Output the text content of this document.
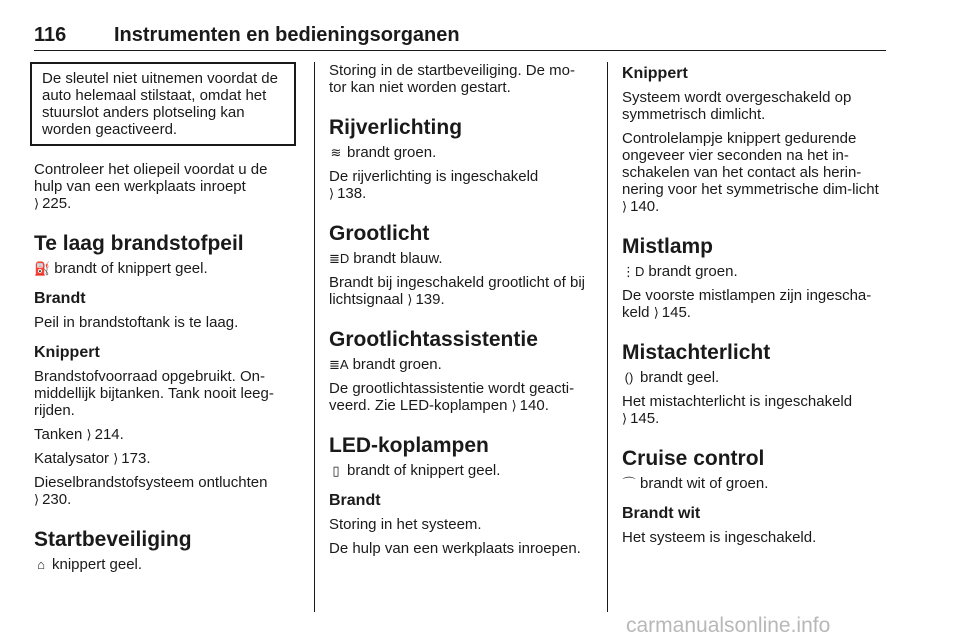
116 Instrumenten en bedieningsorganen

De sleutel niet uitnemen voordat de auto helemaal stilstaat, omdat het stuurslot anders plotseling kan worden geactiveerd.

Controleer het oliepeil voordat u de hulp van een werkplaats inroept
⟩ 225.

Te laag brandstofpeil

⛽ brandt of knippert geel.

Brandt

Peil in brandstoftank is te laag.

Knippert

Brandstofvoorraad opgebruikt. On-middellijk bijtanken. Tank nooit leeg-rijden.

Tanken ⟩ 214.

Katalysator ⟩ 173.

Dieselbrandstofsysteem ontluchten
⟩ 230.

Startbeveiliging

⌂ knippert geel.

Storing in de startbeveiliging. De mo-tor kan niet worden gestart.

Rijverlichting

≋ brandt groen.

De rijverlichting is ingeschakeld
⟩ 138.

Grootlicht

≣D brandt blauw.

Brandt bij ingeschakeld grootlicht of bij lichtsignaal ⟩ 139.

Grootlichtassistentie

≣A brandt groen.

De grootlichtassistentie wordt geacti-veerd. Zie LED-koplampen ⟩ 140.

LED-koplampen

▯ brandt of knippert geel.

Brandt

Storing in het systeem.

De hulp van een werkplaats inroepen.

Knippert

Systeem wordt overgeschakeld op symmetrisch dimlicht.

Controlelampje knippert gedurende ongeveer vier seconden na het in-schakelen van het contact als herin-nering voor het symmetrische dim-licht ⟩ 140.

Mistlamp

⋮D brandt groen.

De voorste mistlampen zijn ingescha-keld ⟩ 145.

Mistachterlicht

() brandt geel.

Het mistachterlicht is ingeschakeld
⟩ 145.

Cruise control

⌒ brandt wit of groen.

Brandt wit

Het systeem is ingeschakeld.

carmanualsonline.info
